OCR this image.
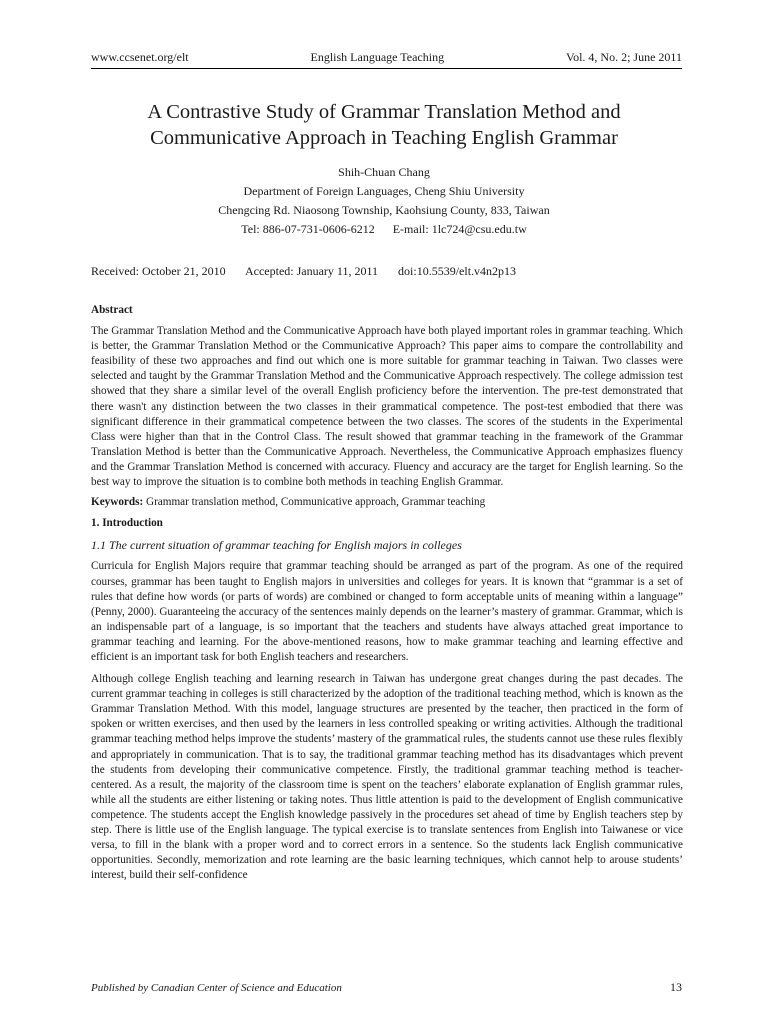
www.ccsenet.org/elt	English Language Teaching	Vol. 4, No. 2; June 2011
A Contrastive Study of Grammar Translation Method and
Communicative Approach in Teaching English Grammar
Shih-Chuan Chang
Department of Foreign Languages, Cheng Shiu University
Chengcing Rd. Niaosong Township, Kaohsiung County, 833, Taiwan
Tel: 886-07-731-0606-6212      E-mail: 1lc724@csu.edu.tw
Received: October 21, 2010 Accepted: January 11, 2011 doi:10.5539/elt.v4n2p13

Abstract

The Grammar Translation Method and the Communicative Approach have both played important roles in grammar teaching. Which is better, the Grammar Translation Method or the Communicative Approach? This paper aims to compare the controllability and feasibility of these two approaches and find out which one is more suitable for grammar teaching in Taiwan. Two classes were selected and taught by the Grammar Translation Method and the Communicative Approach respectively. The college admission test showed that they share a similar level of the overall English proficiency before the intervention. The pre-test demonstrated that there wasn't any distinction between the two classes in their grammatical competence. The post-test embodied that there was significant difference in their grammatical competence between the two classes. The scores of the students in the Experimental Class were higher than that in the Control Class. The result showed that grammar teaching in the framework of the Grammar Translation Method is better than the Communicative Approach. Nevertheless, the Communicative Approach emphasizes fluency and the Grammar Translation Method is concerned with accuracy. Fluency and accuracy are the target for English learning. So the best way to improve the situation is to combine both methods in teaching English Grammar.

Keywords: Grammar translation method, Communicative approach, Grammar teaching

1. Introduction

1.1 The current situation of grammar teaching for English majors in colleges

Curricula for English Majors require that grammar teaching should be arranged as part of the program. As one of the required courses, grammar has been taught to English majors in universities and colleges for years. It is known that “grammar is a set of rules that define how words (or parts of words) are combined or changed to form acceptable units of meaning within a language” (Penny, 2000). Guaranteeing the accuracy of the sentences mainly depends on the learner’s mastery of grammar. Grammar, which is an indispensable part of a language, is so important that the teachers and students have always attached great importance to grammar teaching and learning. For the above-mentioned reasons, how to make grammar teaching and learning effective and efficient is an important task for both English teachers and researchers.

Although college English teaching and learning research in Taiwan has undergone great changes during the past decades. The current grammar teaching in colleges is still characterized by the adoption of the traditional teaching method, which is known as the Grammar Translation Method. With this model, language structures are presented by the teacher, then practiced in the form of spoken or written exercises, and then used by the learners in less controlled speaking or writing activities. Although the traditional grammar teaching method helps improve the students’ mastery of the grammatical rules, the students cannot use these rules flexibly and appropriately in communication. That is to say, the traditional grammar teaching method has its disadvantages which prevent the students from developing their communicative competence. Firstly, the traditional grammar teaching method is teacher-centered. As a result, the majority of the classroom time is spent on the teachers’ elaborate explanation of English grammar rules, while all the students are either listening or taking notes. Thus little attention is paid to the development of English communicative competence. The students accept the English knowledge passively in the procedures set ahead of time by English teachers step by step. There is little use of the English language. The typical exercise is to translate sentences from English into Taiwanese or vice versa, to fill in the blank with a proper word and to correct errors in a sentence. So the students lack English communicative opportunities. Secondly, memorization and rote learning are the basic learning techniques, which cannot help to arouse students’ interest, build their self-confidence

Published by Canadian Center of Science and Education	13
